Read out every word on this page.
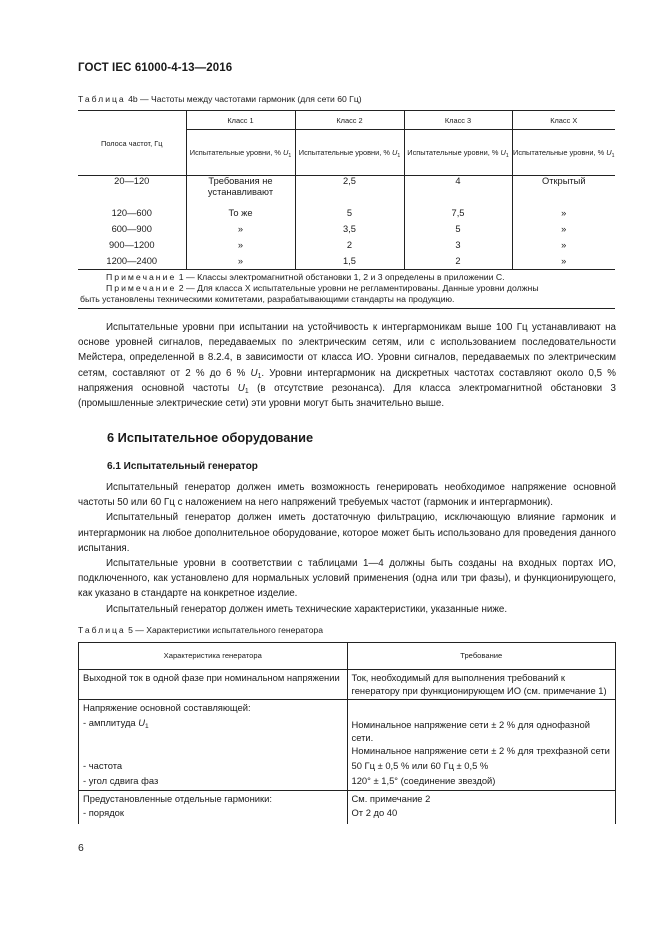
ГОСТ IEC 61000-4-13—2016
Таблица 4b — Частоты между частотами гармоник (для сети 60 Гц)
Полоса частот, Гц	Класс 1	Класс 2	Класс 3	Класс X
	Испытательные уровни, % $U_1$	Испытательные уровни, % $U_1$	Испытательные уровни, % $U_1$	Испытательные уровни, % $U_1$
20—120	Требования не устанавливают	2,5	4	Открытый
120—600	То же	5	7,5	»
600—900	»	3,5	5	»
900—1200	»	2	3	»
1200—2400	»	1,5	2	»

Примечание 1 — Классы электромагнитной обстановки 1, 2 и 3 определены в приложении С.
Примечание 2 — Для класса Х испытательные уровни не регламентированы. Данные уровни должны
быть установлены техническими комитетами, разрабатывающими стандарты на продукцию.				

Испытательные уровни при испытании на устойчивость к интергармоникам выше 100 Гц устанавливают на основе уровней сигналов, передаваемых по электрическим сетям, или с использованием последовательности Мейстера, определенной в 8.2.4, в зависимости от класса ИО. Уровни сигналов, передаваемых по электрическим сетям, составляют от 2 % до 6 % $U_1$. Уровни интергармоник на дискретных частотах составляют около 0,5 % напряжения основной частоты $U_1$ (в отсутствие резонанса). Для класса электромагнитной обстановки 3 (промышленные электрические сети) эти уровни могут быть значительно выше.

6 Испытательное оборудование
6.1 Испытательный генератор

Испытательный генератор должен иметь возможность генерировать необходимое напряжение основной частоты 50 или 60 Гц с наложением на него напряжений требуемых частот (гармоник и интергармоник).

Испытательный генератор должен иметь достаточную фильтрацию, исключающую влияние гармоник и интергармоник на любое дополнительное оборудование, которое может быть использовано для проведения данного испытания.

Испытательные уровни в соответствии с таблицами 1—4 должны быть созданы на входных портах ИО, подключенного, как установлено для нормальных условий применения (одна или три фазы), и функционирующего, как указано в стандарте на конкретное изделие.

Испытательный генератор должен иметь технические характеристики, указанные ниже.

Таблица 5 — Характеристики испытательного генератора
Характеристика генератора	Требование
Выходной ток в одной фазе при номинальном напряжении	Ток, необходимый для выполнения требований к генератору при функционирующем ИО (см. примечание 1)
Напряжение основной составляющей:	
- амплитуда $U_1$	Номинальное напряжение сети ± 2 % для однофазной сети.
Номинальное напряжение сети ± 2 % для трехфазной сети

- частота	50 Гц ± 0,5 % или 60 Гц ± 0,5 %
- угол сдвига фаз	120° ± 1,5° (соединение звездой)
Предустановленные отдельные гармоники:	См. примечание 2
- порядок	От 2 до 40
6
